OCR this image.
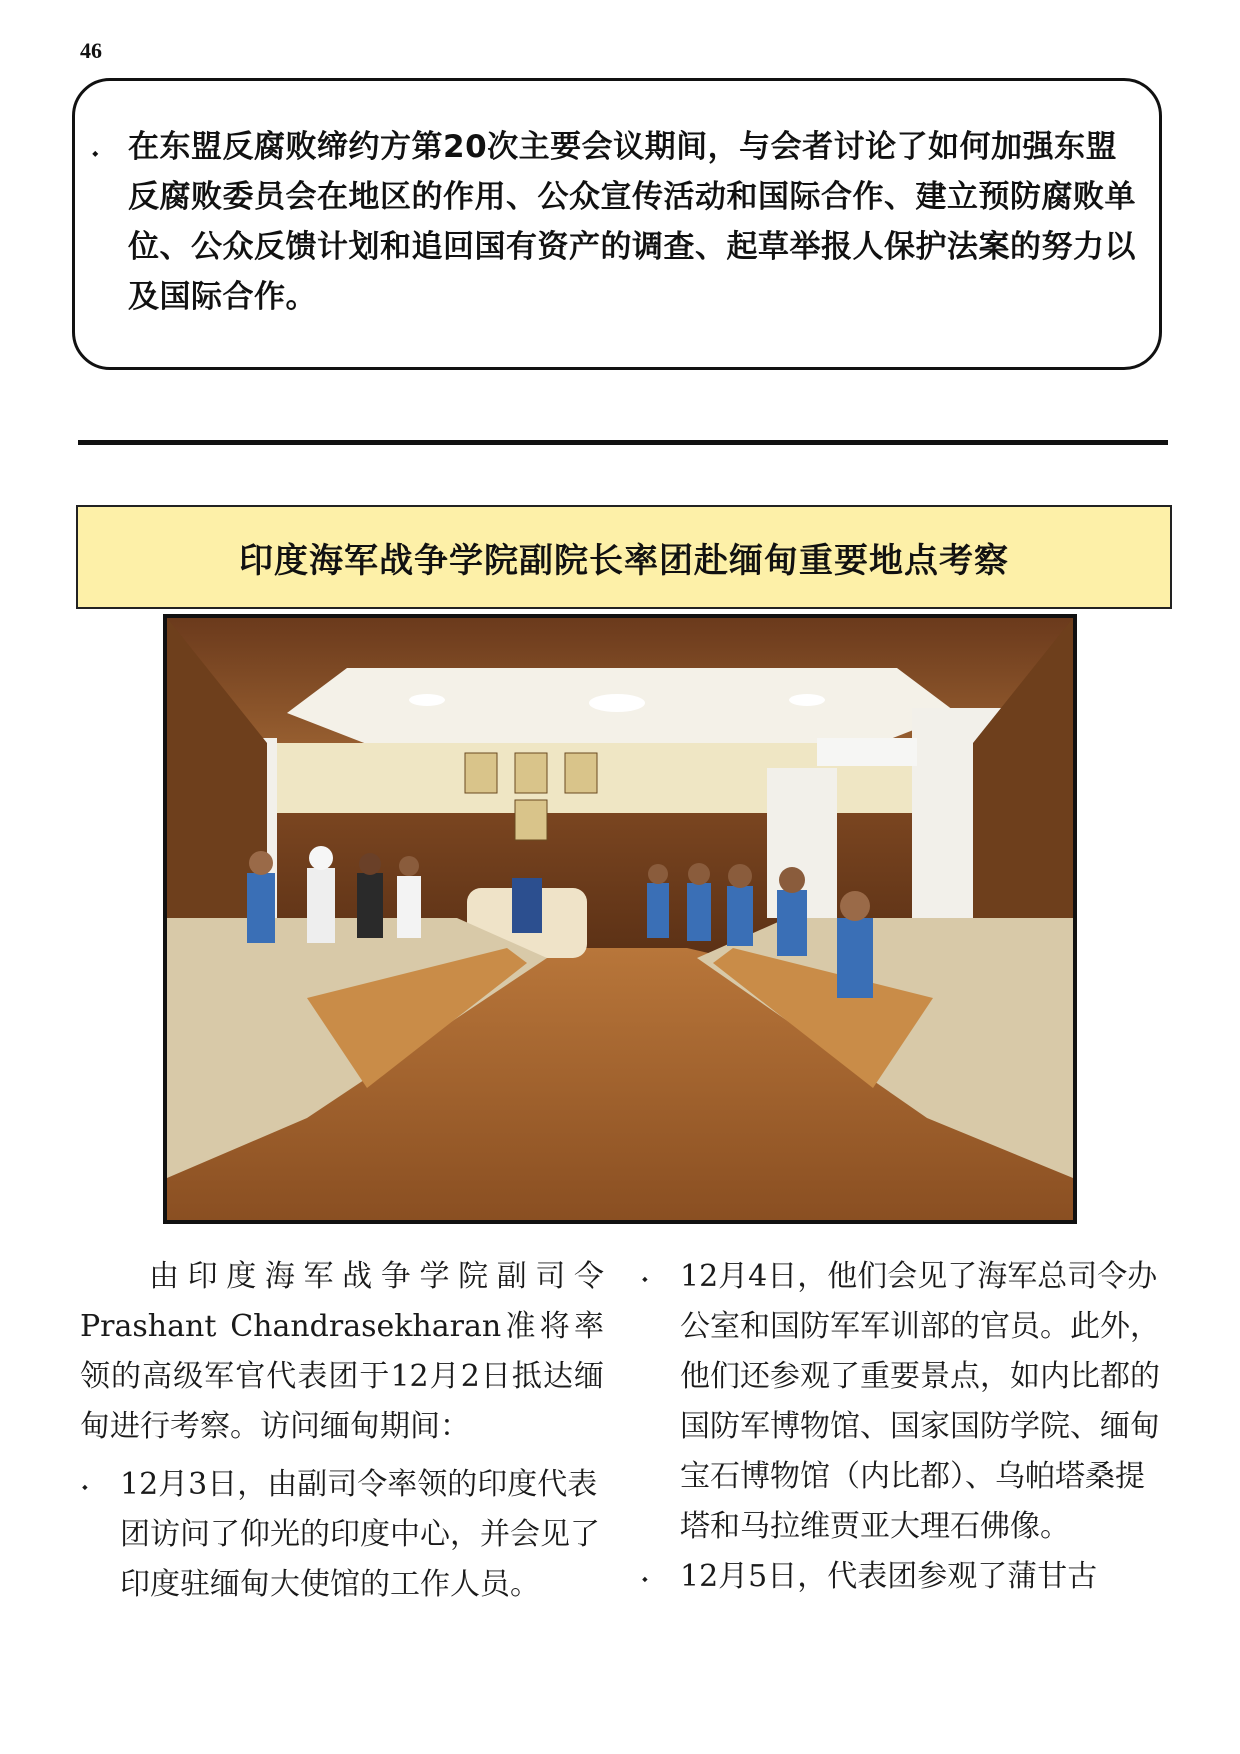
46
⬩ 在东盟反腐败缔约方第20次主要会议期间，与会者讨论了如何加强东盟反腐败委员会在地区的作用、公众宣传活动和国际合作、建立预防腐败单位、公众反馈计划和追回国有资产的调查、起草举报人保护法案的努力以及国际合作。
印度海军战争学院副院长率团赴缅甸重要地点考察

由印度海军战争学院副司令Prashant Chandrasekharan准将率领的高级军官代表团于12月2日抵达缅甸进行考察。访问缅甸期间：

⬩ 12月3日，由副司令率领的印度代表团访问了仰光的印度中心，并会见了印度驻缅甸大使馆的工作人员。

⬩ 12月4日，他们会见了海军总司令办公室和国防军军训部的官员。此外，他们还参观了重要景点，如内比都的国防军博物馆、国家国防学院、缅甸宝石博物馆（内比都）、乌帕塔桑提塔和马拉维贾亚大理石佛像。

⬩ 12月5日，代表团参观了蒲甘古
